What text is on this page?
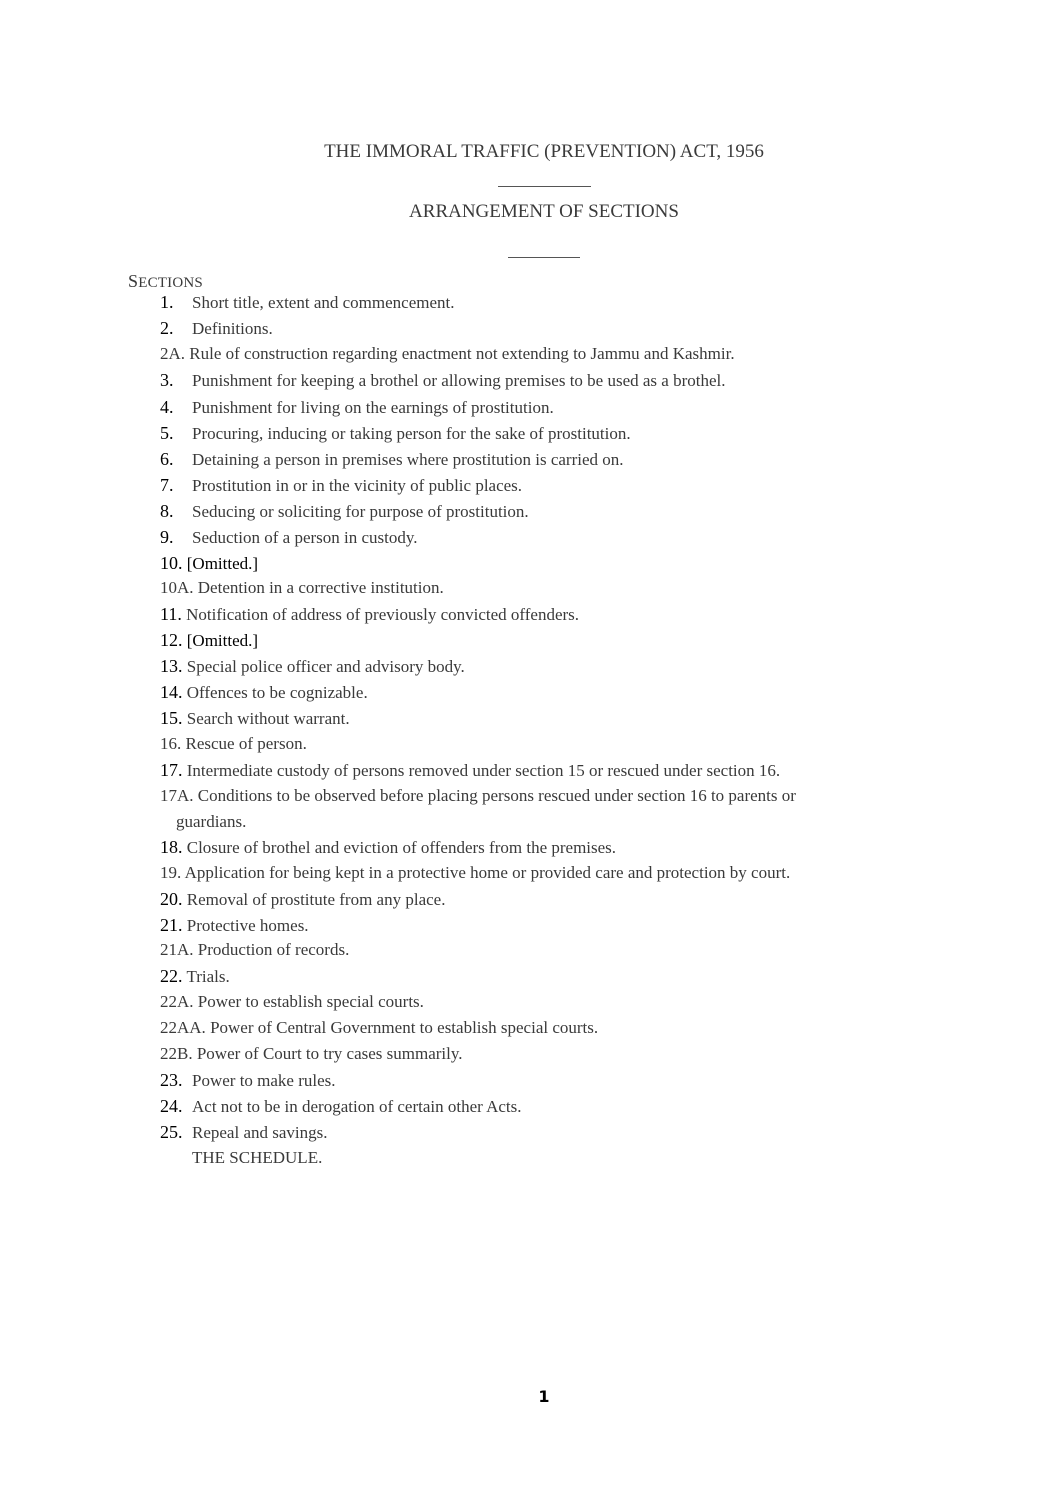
THE IMMORAL TRAFFIC (PREVENTION) ACT, 1956
ARRANGEMENT OF SECTIONS
SECTIONS
1. Short title, extent and commencement.
2. Definitions.
2A. Rule of construction regarding enactment not extending to Jammu and Kashmir.
3. Punishment for keeping a brothel or allowing premises to be used as a brothel.
4. Punishment for living on the earnings of prostitution.
5. Procuring, inducing or taking person for the sake of prostitution.
6. Detaining a person in premises where prostitution is carried on.
7. Prostitution in or in the vicinity of public places.
8. Seducing or soliciting for purpose of prostitution.
9. Seduction of a person in custody.
10. [Omitted.]
10A. Detention in a corrective institution.
11. Notification of address of previously convicted offenders.
12. [Omitted.]
13. Special police officer and advisory body.
14. Offences to be cognizable.
15. Search without warrant.
16. Rescue of person.
17. Intermediate custody of persons removed under section 15 or rescued under section 16.
17A. Conditions to be observed before placing persons rescued under section 16 to parents or
guardians.
18. Closure of brothel and eviction of offenders from the premises.
19. Application for being kept in a protective home or provided care and protection by court.
20. Removal of prostitute from any place.
21. Protective homes.
21A. Production of records.
22. Trials.
22A. Power to establish special courts.
22AA. Power of Central Government to establish special courts.
22B. Power of Court to try cases summarily.
23. Power to make rules.
24. Act not to be in derogation of certain other Acts.
25. Repeal and savings.
THE SCHEDULE.
1
